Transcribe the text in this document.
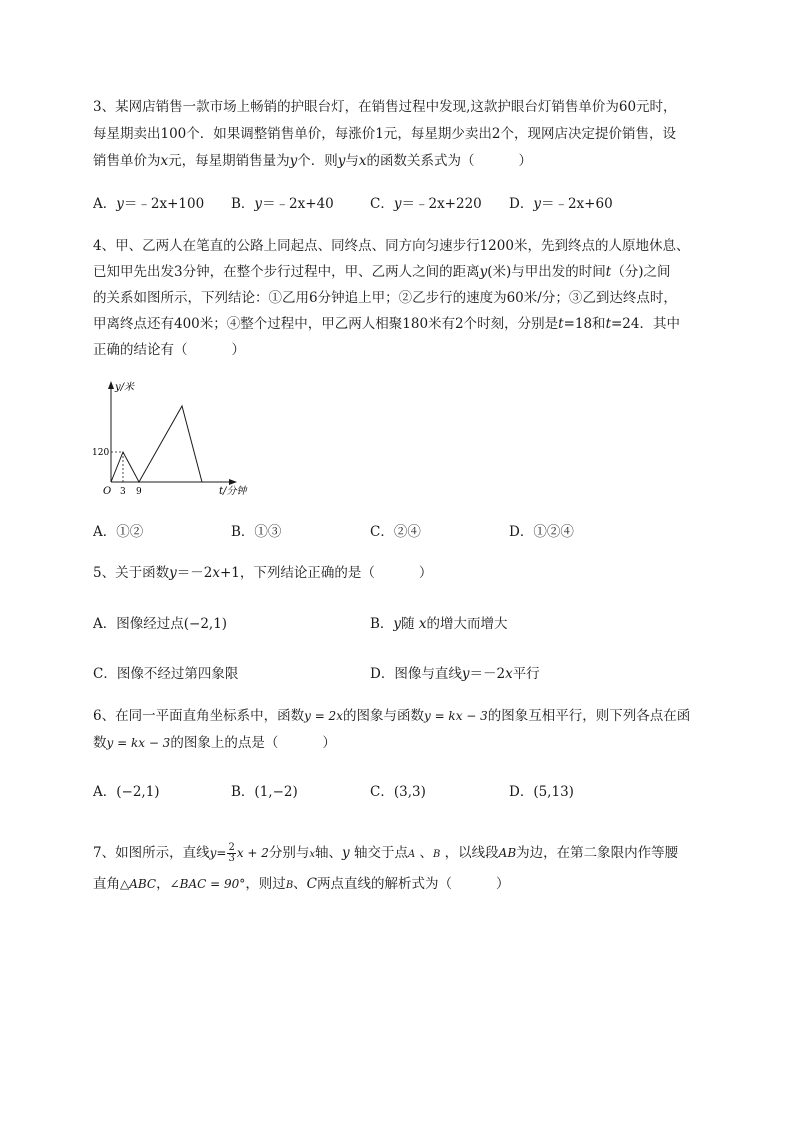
3、某网店销售一款市场上畅销的护眼台灯，在销售过程中发现,这款护眼台灯销售单价为60元时，
每星期卖出100个．如果调整销售单价，每涨价1元，每星期少卖出2个，现网店决定提价销售，设
销售单价为x元，每星期销售量为y个．则y与x的函数关系式为（	）
A．y＝﹣2x+100 B．y＝﹣2x+40	C．y＝﹣2x+220 D．y＝﹣2x+60
4、甲、乙两人在笔直的公路上同起点、同终点、同方向匀速步行1200米，先到终点的人原地休息、
已知甲先出发3分钟，在整个步行过程中，甲、乙两人之间的距离y(米)与甲出发的时间t（分)之间
的关系如图所示，下列结论：①乙用6分钟追上甲；②乙步行的速度为60米/分；③乙到达终点时，
甲离终点还有400米；④整个过程中，甲乙两人相聚180米有2个时刻，分别是t=18和t=24．其中
正确的结论有（	）
y/米
t/分钟
O
120
3 9
A．①②	B．①③	C．②④	D．①②④
5、关于函数y＝－2x+1，下列结论正确的是（	）
A．图像经过点(−2,1)	B．y随 x的增大而增大
C．图像不经过第四象限	D．图像与直线y＝－2x平行
6、在同一平面直角坐标系中，函数y = 2x的图象与函数y = kx − 3的图象互相平行，则下列各点在函
数y = kx − 3的图象上的点是（	）
A．(−2,1)	B．(1,−2)	C．(3,3)	D．(5,13)
7、如图所示，直线$y= \frac{2}{3}$ x + 2分别与x轴、y 轴交于点A 、B ，以线段AB为边，在第二象限内作等腰
直角△ABC，∠BAC = 90°，则过B、C两点直线的解析式为（	）
